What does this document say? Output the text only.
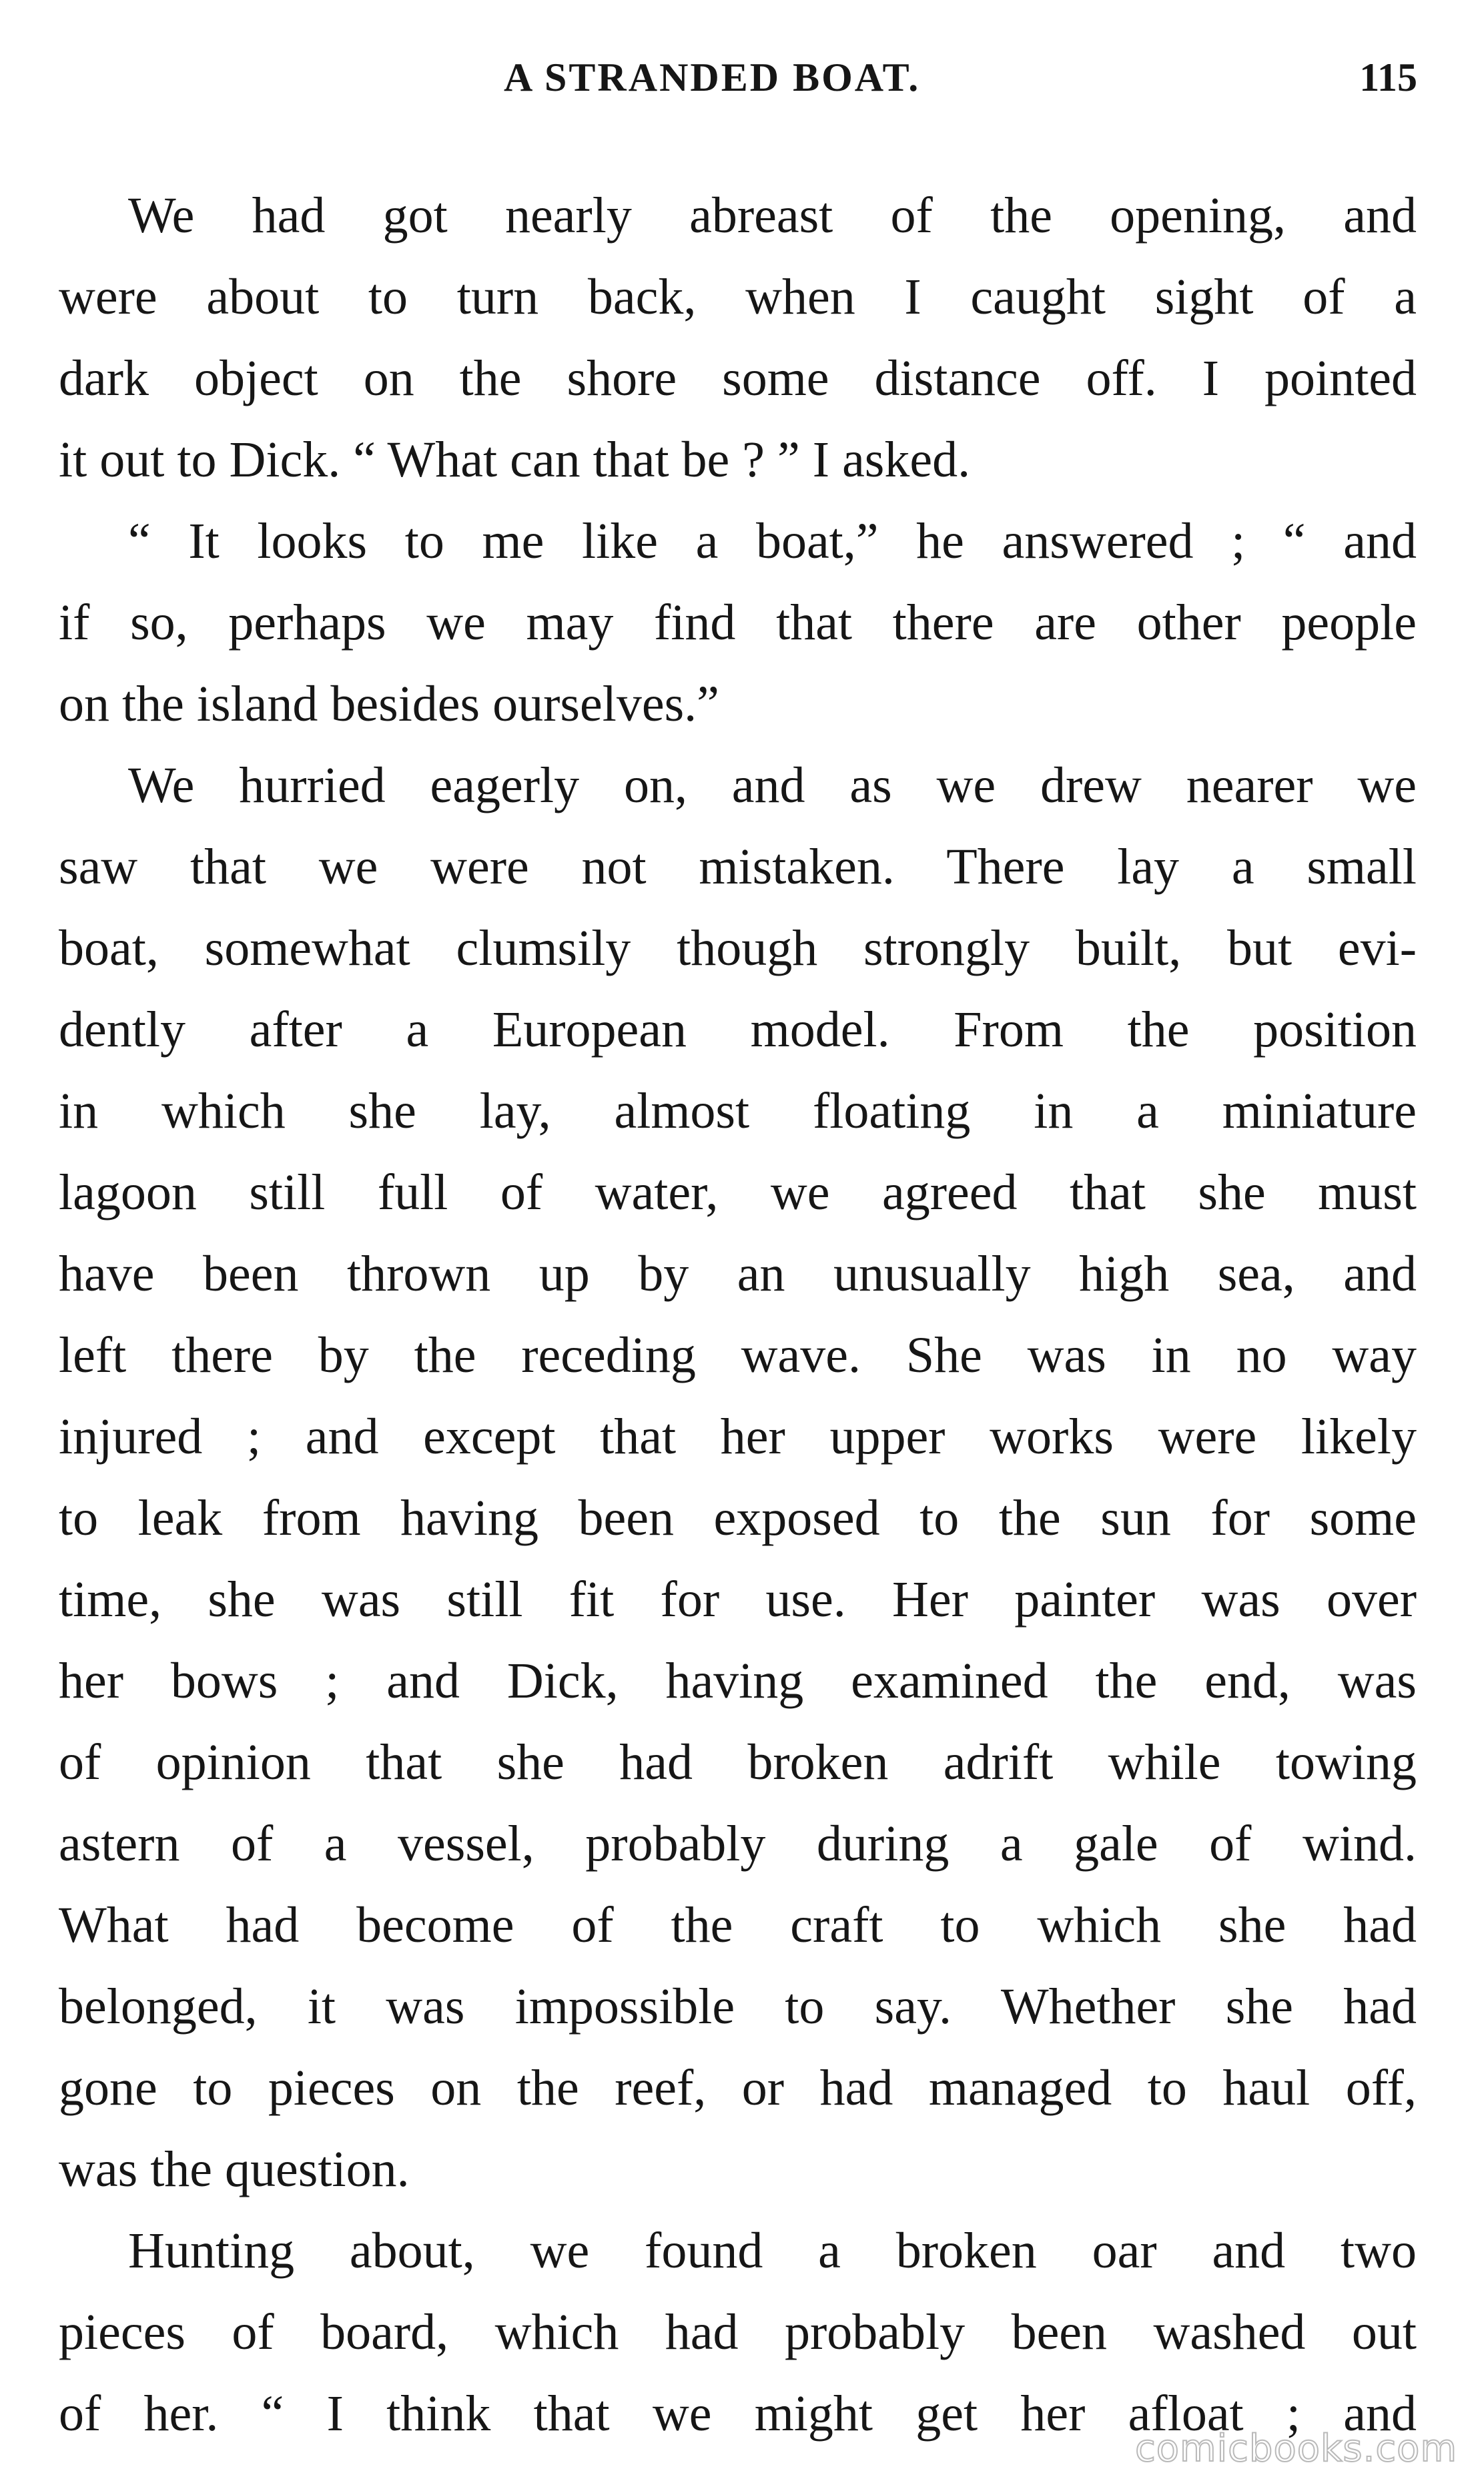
A STRANDED BOAT.	115
We had got nearly abreast of the opening, and
were about to turn back, when I caught sight of a
dark object on the shore some distance off. I pointed
it out to Dick. “ What can that be ? ” I asked.
“ It looks to me like a boat,” he answered ; “ and
if so, perhaps we may find that there are other people
on the island besides ourselves.”
We hurried eagerly on, and as we drew nearer we
saw that we were not mistaken. There lay a small
boat, somewhat clumsily though strongly built, but evi-
dently after a European model. From the position
in which she lay, almost floating in a miniature
lagoon still full of water, we agreed that she must
have been thrown up by an unusually high sea, and
left there by the receding wave. She was in no way
injured ; and except that her upper works were likely
to leak from having been exposed to the sun for some
time, she was still fit for use. Her painter was over
her bows ; and Dick, having examined the end, was
of opinion that she had broken adrift while towing
astern of a vessel, probably during a gale of wind.
What had become of the craft to which she had
belonged, it was impossible to say. Whether she had
gone to pieces on the reef, or had managed to haul off,
was the question.
Hunting about, we found a broken oar and two
pieces of board, which had probably been washed out
of her. “ I think that we might get her afloat ; and
comicbooks.com
